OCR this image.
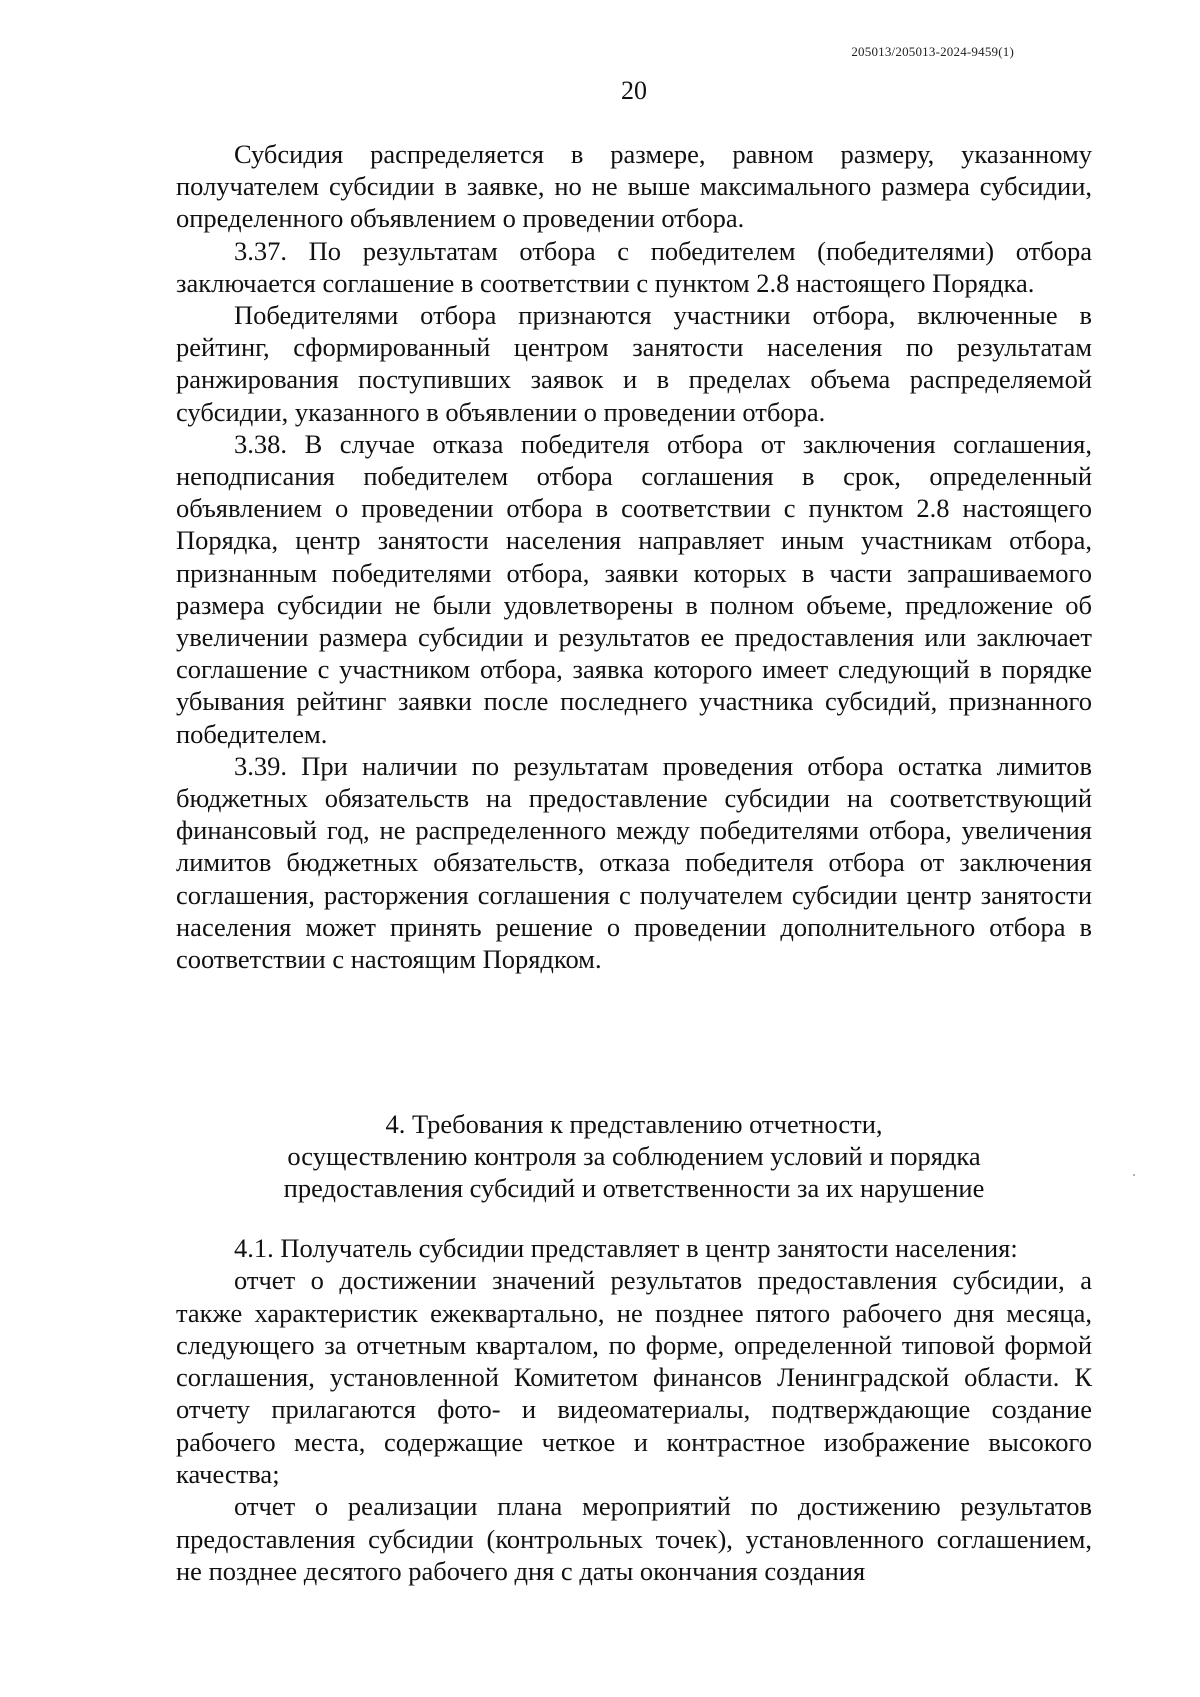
205013/205013-2024-9459(1)
20

Субсидия распределяется в размере, равном размеру, указанному получателем субсидии в заявке, но не выше максимального размера субсидии, определенного объявлением о проведении отбора.

3.37. По результатам отбора с победителем (победителями) отбора заключается соглашение в соответствии с пунктом 2.8 настоящего Порядка.

Победителями отбора признаются участники отбора, включенные в рейтинг, сформированный центром занятости населения по результатам ранжирования поступивших заявок и в пределах объема распределяемой субсидии, указанного в объявлении о проведении отбора.

3.38. В случае отказа победителя отбора от заключения соглашения, неподписания победителем отбора соглашения в срок, определенный объявлением о проведении отбора в соответствии с пунктом 2.8 настоящего Порядка, центр занятости населения направляет иным участникам отбора, признанным победителями отбора, заявки которых в части запрашиваемого размера субсидии не были удовлетворены в полном объеме, предложение об увеличении размера субсидии и результатов ее предоставления или заключает соглашение с участником отбора, заявка которого имеет следующий в порядке убывания рейтинг заявки после последнего участника субсидий, признанного победителем.

3.39. При наличии по результатам проведения отбора остатка лимитов бюджетных обязательств на предоставление субсидии на соответствующий финансовый год, не распределенного между победителями отбора, увеличения лимитов бюджетных обязательств, отказа победителя отбора от заключения соглашения, расторжения соглашения с получателем субсидии центр занятости населения может принять решение о проведении дополнительного отбора в соответствии с настоящим Порядком.

4. Требования к представлению отчетности,
осуществлению контроля за соблюдением условий и порядка
предоставления субсидий и ответственности за их нарушение

4.1. Получатель субсидии представляет в центр занятости населения:

отчет о достижении значений результатов предоставления субсидии, а также характеристик ежеквартально, не позднее пятого рабочего дня месяца, следующего за отчетным кварталом, по форме, определенной типовой формой соглашения, установленной Комитетом финансов Ленинградской области. К отчету прилагаются фото- и видеоматериалы, подтверждающие создание рабочего места, содержащие четкое и контрастное изображение высокого качества;

отчет о реализации плана мероприятий по достижению результатов предоставления субсидии (контрольных точек), установленного соглашением, не позднее десятого рабочего дня с даты окончания создания
